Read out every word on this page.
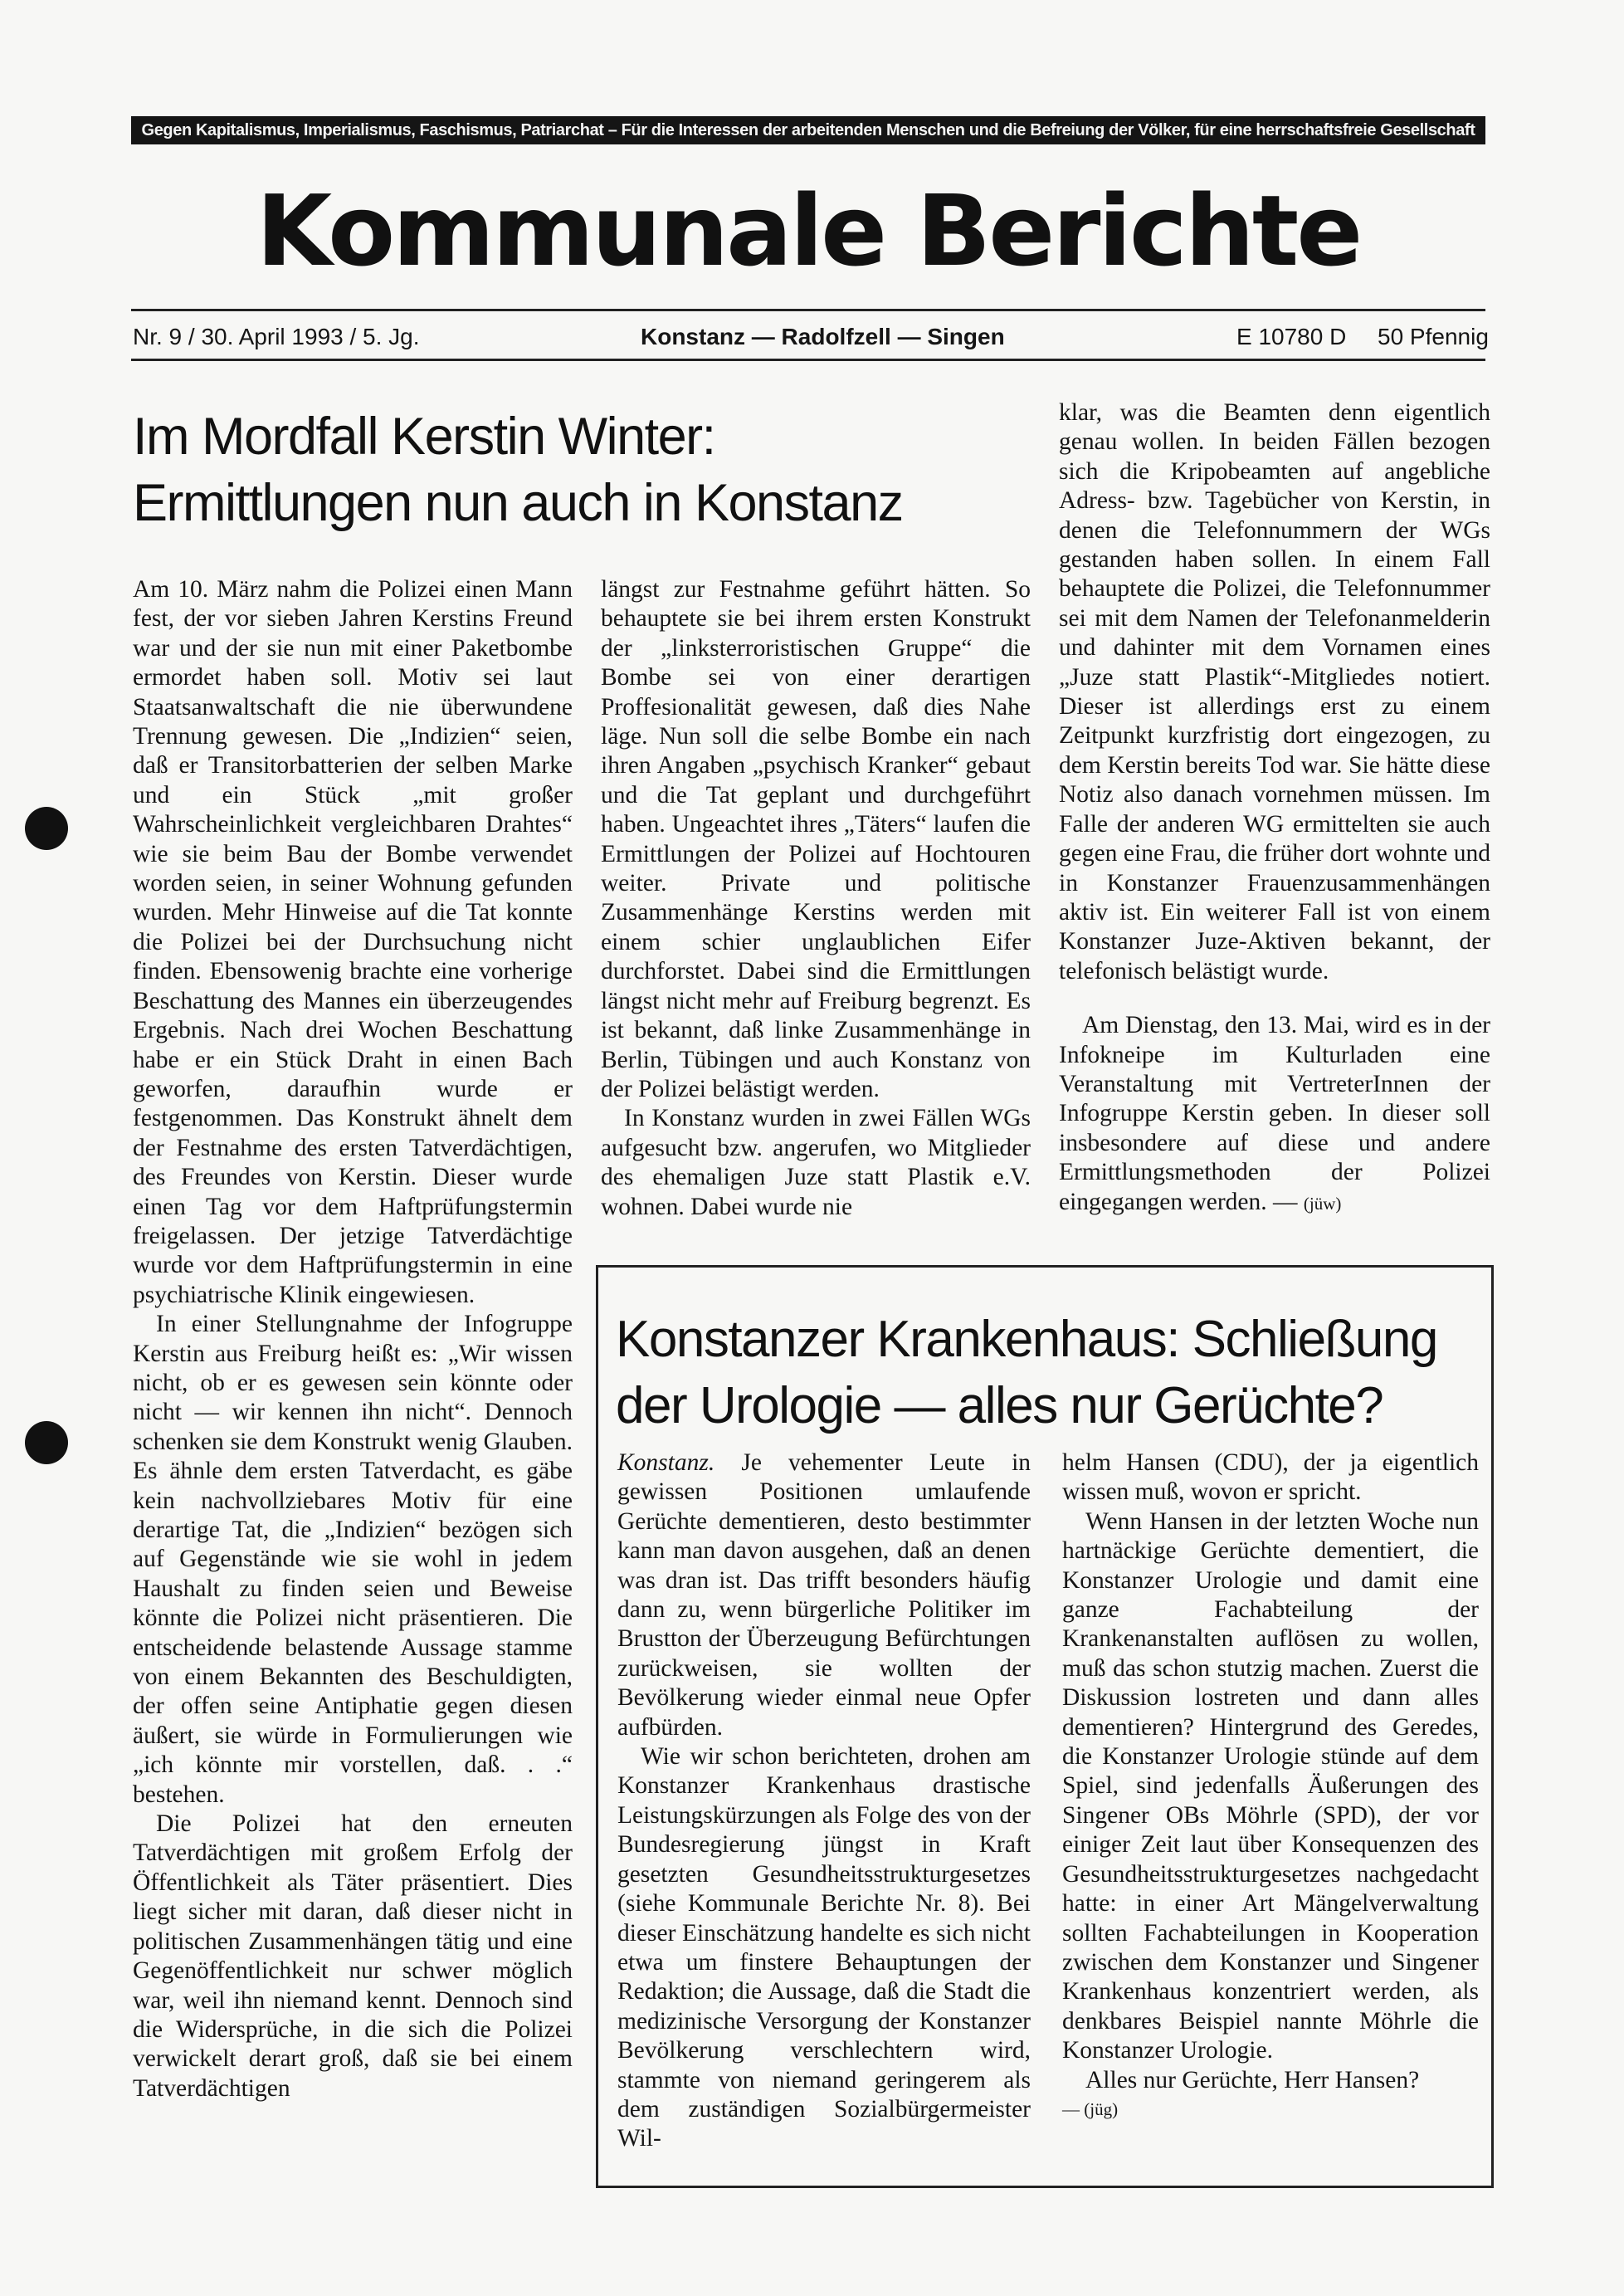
Gegen Kapitalismus, Imperialismus, Faschismus, Patriarchat – Für die Interessen der arbeitenden Menschen und die Befreiung der Völker, für eine herrschaftsfreie Gesellschaft
Kommunale Berichte
Nr. 9 / 30. April 1993 / 5. Jg.	Konstanz — Radolfzell — Singen	E 10780 D 50 Pfennig
Im Mordfall Kerstin Winter:
Ermittlungen nun auch in Konstanz

Am 10. März nahm die Polizei einen Mann fest, der vor sieben Jahren Kerstins Freund war und der sie nun mit einer Paketbombe ermordet haben soll. Motiv sei laut Staatsanwaltschaft die nie überwundene Trennung gewesen. Die „Indizien“ seien, daß er Transitorbatterien der selben Marke und ein Stück „mit großer Wahrscheinlichkeit vergleichbaren Drahtes“ wie sie beim Bau der Bombe verwendet worden seien, in seiner Wohnung gefunden wurden. Mehr Hinweise auf die Tat konnte die Polizei bei der Durchsuchung nicht finden. Ebensowenig brachte eine vorherige Beschattung des Mannes ein überzeugendes Ergebnis. Nach drei Wochen Beschattung habe er ein Stück Draht in einen Bach geworfen, daraufhin wurde er festgenommen. Das Konstrukt ähnelt dem der Festnahme des ersten Tatverdächtigen, des Freundes von Kerstin. Dieser wurde einen Tag vor dem Haftprüfungstermin freigelassen. Der jetzige Tatverdächtige wurde vor dem Haftprüfungstermin in eine psychiatrische Klinik eingewiesen.

In einer Stellungnahme der Infogruppe Kerstin aus Freiburg heißt es: „Wir wissen nicht, ob er es gewesen sein könnte oder nicht — wir kennen ihn nicht“. Dennoch schenken sie dem Konstrukt wenig Glauben. Es ähnle dem ersten Tatverdacht, es gäbe kein nachvollziebares Motiv für eine derartige Tat, die „Indizien“ bezögen sich auf Gegenstände wie sie wohl in jedem Haushalt zu finden seien und Beweise könnte die Polizei nicht präsentieren. Die entscheidende belastende Aussage stamme von einem Bekannten des Beschuldigten, der offen seine Antiphatie gegen diesen äußert, sie würde in Formulierungen wie „ich könnte mir vorstellen, daß. . .“ bestehen.

Die Polizei hat den erneuten Tatverdächtigen mit großem Erfolg der Öffentlichkeit als Täter präsentiert. Dies liegt sicher mit daran, daß dieser nicht in politischen Zusammenhängen tätig und eine Gegenöffentlichkeit nur schwer möglich war, weil ihn niemand kennt. Dennoch sind die Widersprüche, in die sich die Polizei verwickelt derart groß, daß sie bei einem Tatverdächtigen

längst zur Festnahme geführt hätten. So behauptete sie bei ihrem ersten Konstrukt der „linksterroristischen Gruppe“ die Bombe sei von einer derartigen Proffesionalität gewesen, daß dies Nahe läge. Nun soll die selbe Bombe ein nach ihren Angaben „psychisch Kranker“ gebaut und die Tat geplant und durchgeführt haben. Ungeachtet ihres „Täters“ laufen die Ermittlungen der Polizei auf Hochtouren weiter. Private und politische Zusammenhänge Kerstins werden mit einem schier unglaublichen Eifer durchforstet. Dabei sind die Ermittlungen längst nicht mehr auf Freiburg begrenzt. Es ist bekannt, daß linke Zusammenhänge in Berlin, Tübingen und auch Konstanz von der Polizei belästigt werden.

In Konstanz wurden in zwei Fällen WGs aufgesucht bzw. angerufen, wo Mitglieder des ehemaligen Juze statt Plastik e.V. wohnen. Dabei wurde nie

klar, was die Beamten denn eigentlich genau wollen. In beiden Fällen bezogen sich die Kripobeamten auf angebliche Adress- bzw. Tagebücher von Kerstin, in denen die Telefonnummern der WGs gestanden haben sollen. In einem Fall behauptete die Polizei, die Telefonnummer sei mit dem Namen der Telefonanmelderin und dahinter mit dem Vornamen eines „Juze statt Plastik“-Mitgliedes notiert. Dieser ist allerdings erst zu einem Zeitpunkt kurzfristig dort eingezogen, zu dem Kerstin bereits Tod war. Sie hätte diese Notiz also danach vornehmen müssen. Im Falle der anderen WG ermittelten sie auch gegen eine Frau, die früher dort wohnte und in Konstanzer Frauenzusammenhängen aktiv ist. Ein weiterer Fall ist von einem Konstanzer Juze-Aktiven bekannt, der telefonisch belästigt wurde.

Am Dienstag, den 13. Mai, wird es in der Infokneipe im Kulturladen eine Veranstaltung mit VertreterInnen der Infogruppe Kerstin geben. In dieser soll insbesondere auf diese und andere Ermittlungsmethoden der Polizei eingegangen werden. — (jüw)

Konstanzer Krankenhaus: Schließung
der Urologie — alles nur Gerüchte?

Konstanz. Je vehementer Leute in gewissen Positionen umlaufende Gerüchte dementieren, desto bestimmter kann man davon ausgehen, daß an denen was dran ist. Das trifft besonders häufig dann zu, wenn bürgerliche Politiker im Brustton der Überzeugung Befürchtungen zurückweisen, sie wollten der Bevölkerung wieder einmal neue Opfer aufbürden.

Wie wir schon berichteten, drohen am Konstanzer Krankenhaus drastische Leistungskürzungen als Folge des von der Bundesregierung jüngst in Kraft gesetzten Gesundheitsstrukturgesetzes (siehe Kommunale Berichte Nr. 8). Bei dieser Einschätzung handelte es sich nicht etwa um finstere Behauptungen der Redaktion; die Aussage, daß die Stadt die medizinische Versorgung der Konstanzer Bevölkerung verschlechtern wird, stammte von niemand geringerem als dem zuständigen Sozialbürgermeister Wil-

helm Hansen (CDU), der ja eigentlich wissen muß, wovon er spricht.

Wenn Hansen in der letzten Woche nun hartnäckige Gerüchte dementiert, die Konstanzer Urologie und damit eine ganze Fachabteilung der Krankenanstalten auflösen zu wollen, muß das schon stutzig machen. Zuerst die Diskussion lostreten und dann alles dementieren? Hintergrund des Geredes, die Konstanzer Urologie stünde auf dem Spiel, sind jedenfalls Äußerungen des Singener OBs Möhrle (SPD), der vor einiger Zeit laut über Konsequenzen des Gesundheitsstrukturgesetzes nachgedacht hatte: in einer Art Mängelverwaltung sollten Fachabteilungen in Kooperation zwischen dem Konstanzer und Singener Krankenhaus konzentriert werden, als denkbares Beispiel nannte Möhrle die Konstanzer Urologie.

Alles nur Gerüchte, Herr Hansen?

— (jüg)
